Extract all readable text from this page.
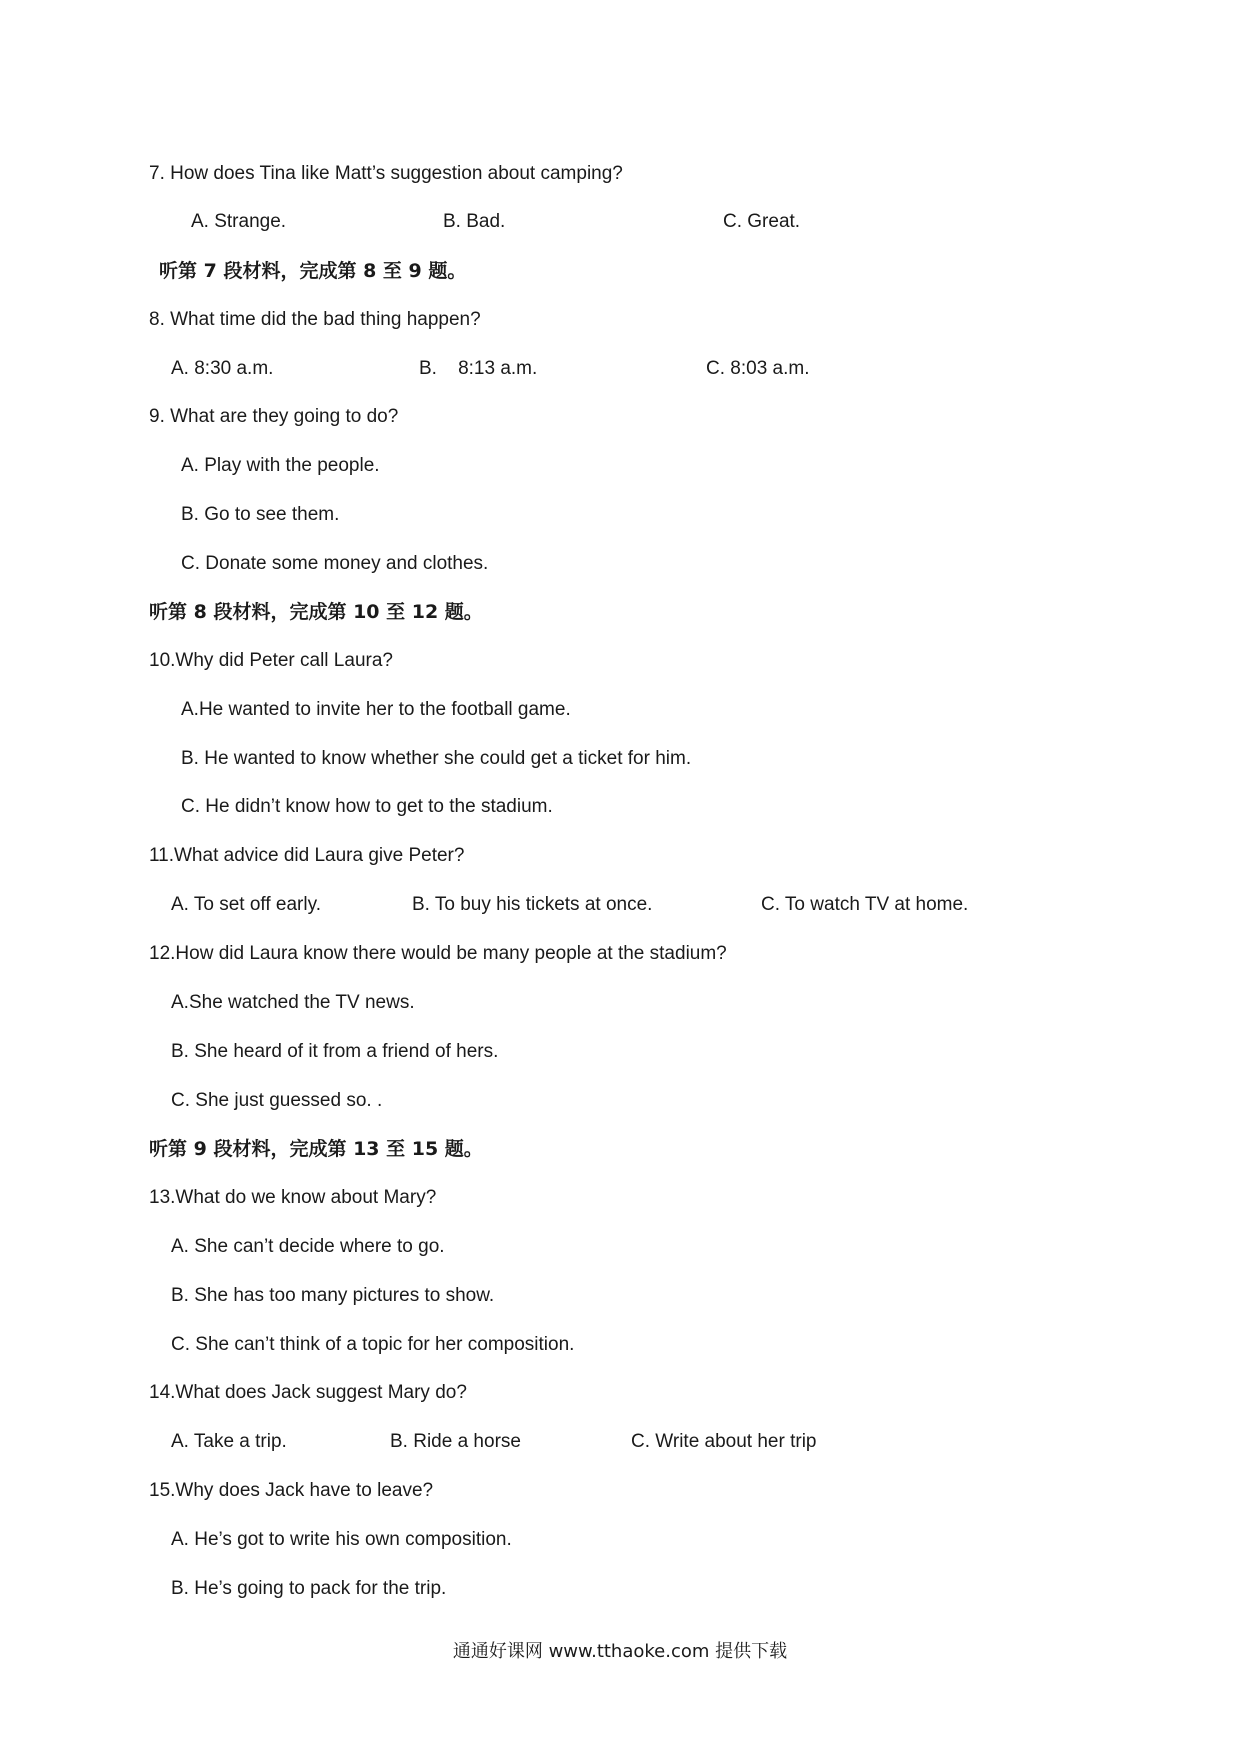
7. How does Tina like Matt’s suggestion about camping?
A. Strange.	B. Bad.	C. Great.
听第 7 段材料，完成第 8 至 9 题。
8. What time did the bad thing happen?
A. 8:30 a.m.	B.    8:13 a.m.	C. 8:03 a.m.
9. What are they going to do?
A. Play with the people.
B. Go to see them.
C. Donate some money and clothes.
听第 8 段材料，完成第 10 至 12 题。
10.Why did Peter call Laura?
A.He wanted to invite her to the football game.
B. He wanted to know whether she could get a ticket for him.
C. He didn’t know how to get to the stadium.
11.What advice did Laura give Peter?
A. To set off early.	B. To buy his tickets at once.	C. To watch TV at home.
12.How did Laura know there would be many people at the stadium?
A.She watched the TV news.
B. She heard of it from a friend of hers.
C. She just guessed so. .
听第 9 段材料，完成第 13 至 15 题。
13.What do we know about Mary?
A. She can’t decide where to go.
B. She has too many pictures to show.
C. She can’t think of a topic for her composition.
14.What does Jack suggest Mary do?
A. Take a trip.	B. Ride a horse	C. Write about her trip
15.Why does Jack have to leave?
A. He’s got to write his own composition.
B. He’s going to pack for the trip.
通通好课网 www.tthaoke.com 提供下载
